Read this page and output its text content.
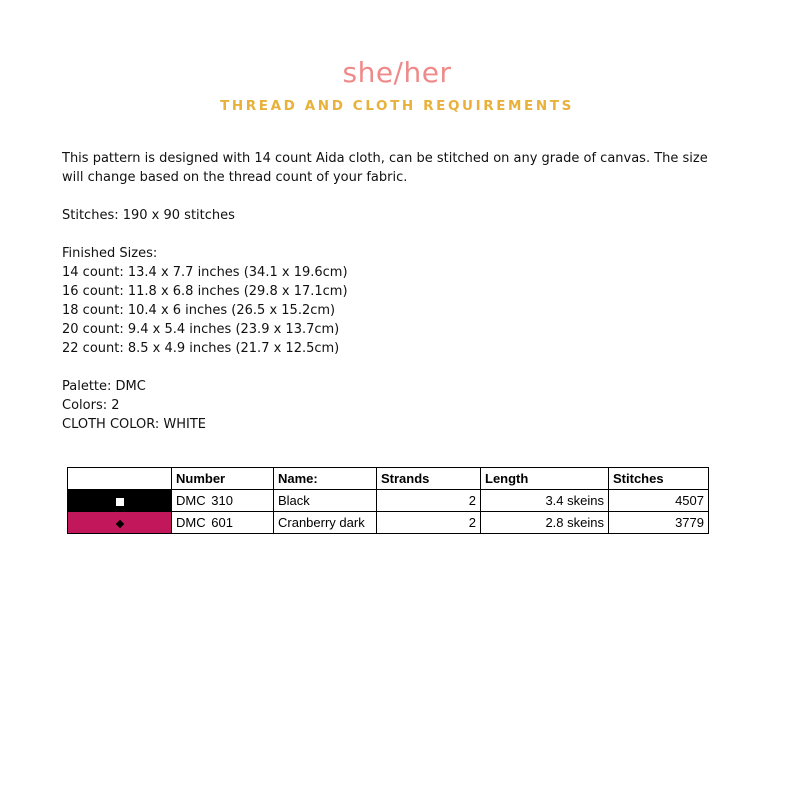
she/her
THREAD AND CLOTH REQUIREMENTS

This pattern is designed with 14 count Aida cloth, can be stitched on any grade of canvas. The size will change based on the thread count of your fabric.

Stitches: 190 x 90 stitches

Finished Sizes:

14 count: 13.4 x 7.7 inches (34.1 x 19.6cm)

16 count: 11.8 x 6.8 inches (29.8 x 17.1cm)

18 count: 10.4 x 6 inches (26.5 x 15.2cm)

20 count: 9.4 x 5.4 inches (23.9 x 13.7cm)

22 count: 8.5 x 4.9 inches (21.7 x 12.5cm)

Palette: DMC

Colors: 2

CLOTH COLOR: WHITE

	Number	Name:	Strands	Length	Stitches
	DMC 310	Black	2	3.4 skeins	4507
	DMC 601	Cranberry dark	2	2.8 skeins	3779
